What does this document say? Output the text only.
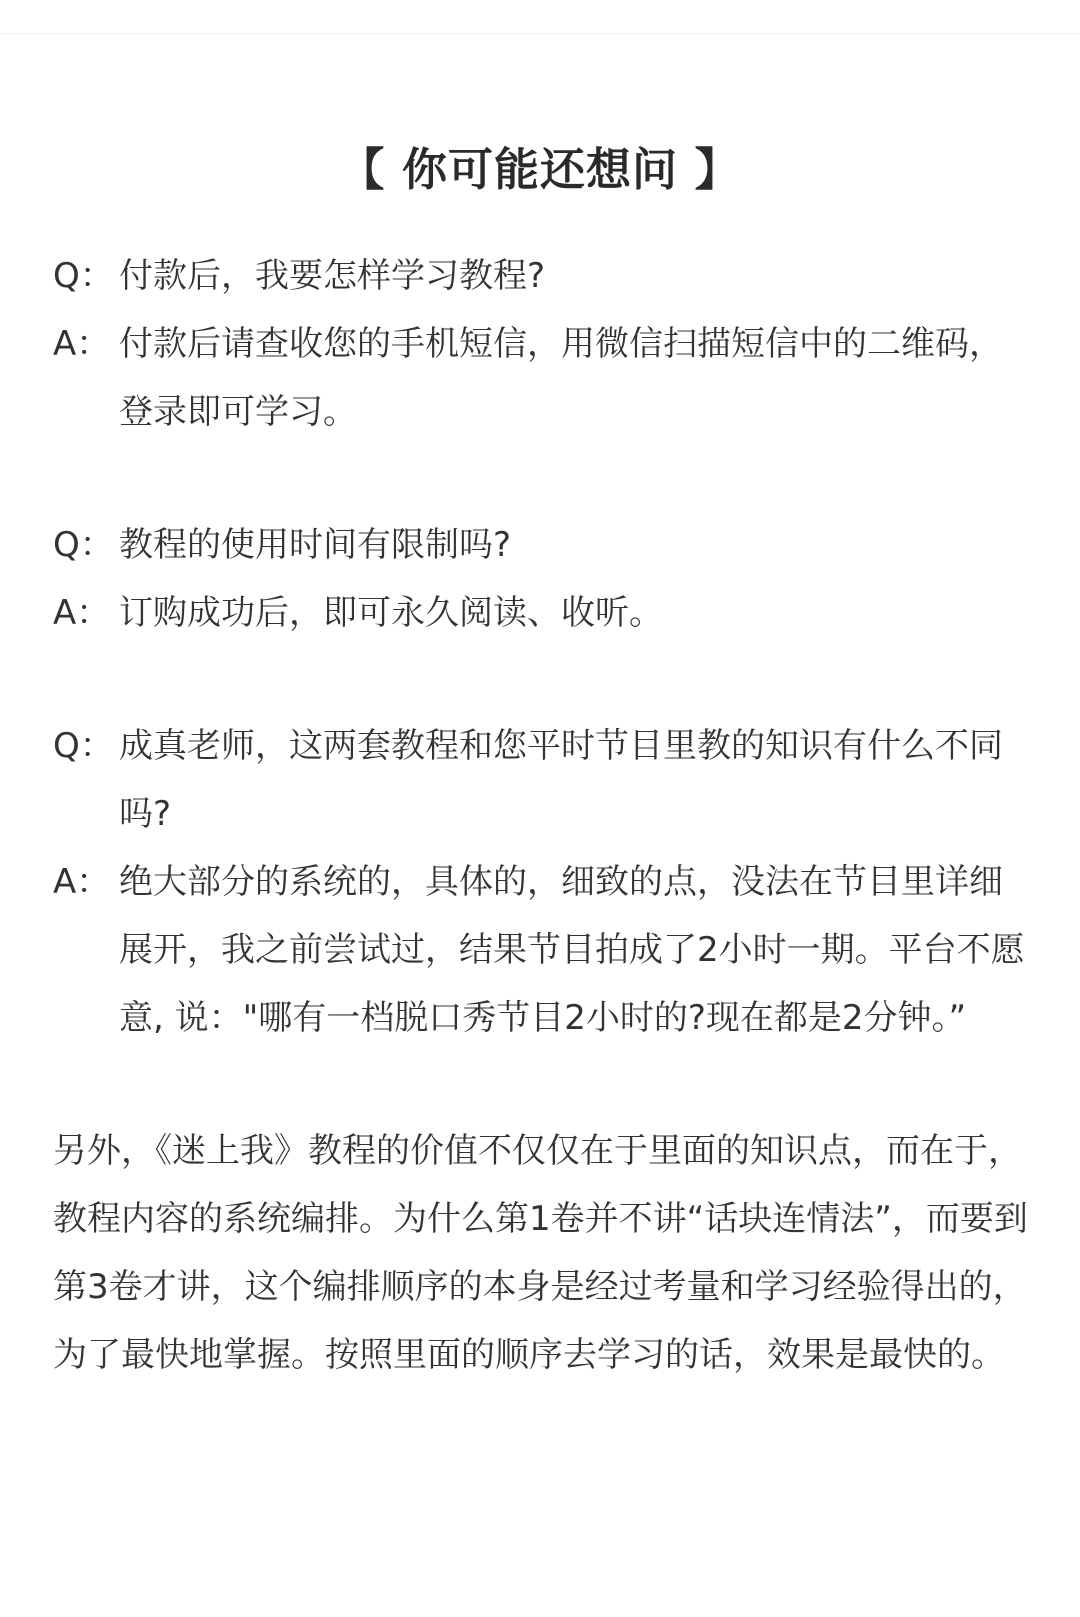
【 你可能还想问 】
Q： 付款后，我要怎样学习教程?
A： 付款后请查收您的手机短信，用微信扫描短信中的二维码，登录即可学习。
Q： 教程的使用时间有限制吗?
A： 订购成功后，即可永久阅读、收听。
Q： 成真老师，这两套教程和您平时节目里教的知识有什么不同吗?
A： 绝大部分的系统的，具体的，细致的点，没法在节目里详细展开，我之前尝试过，结果节目拍成了2小时一期。平台不愿意, 说："哪有一档脱口秀节目2小时的?现在都是2分钟。”
另外，《迷上我》教程的价值不仅仅在于里面的知识点，而在于，教程内容的系统编排。为什么第1卷并不讲“话块连情法”，而要到第3卷才讲，这个编排顺序的本身是经过考量和学习经验得出的，为了最快地掌握。按照里面的顺序去学习的话，效果是最快的。
